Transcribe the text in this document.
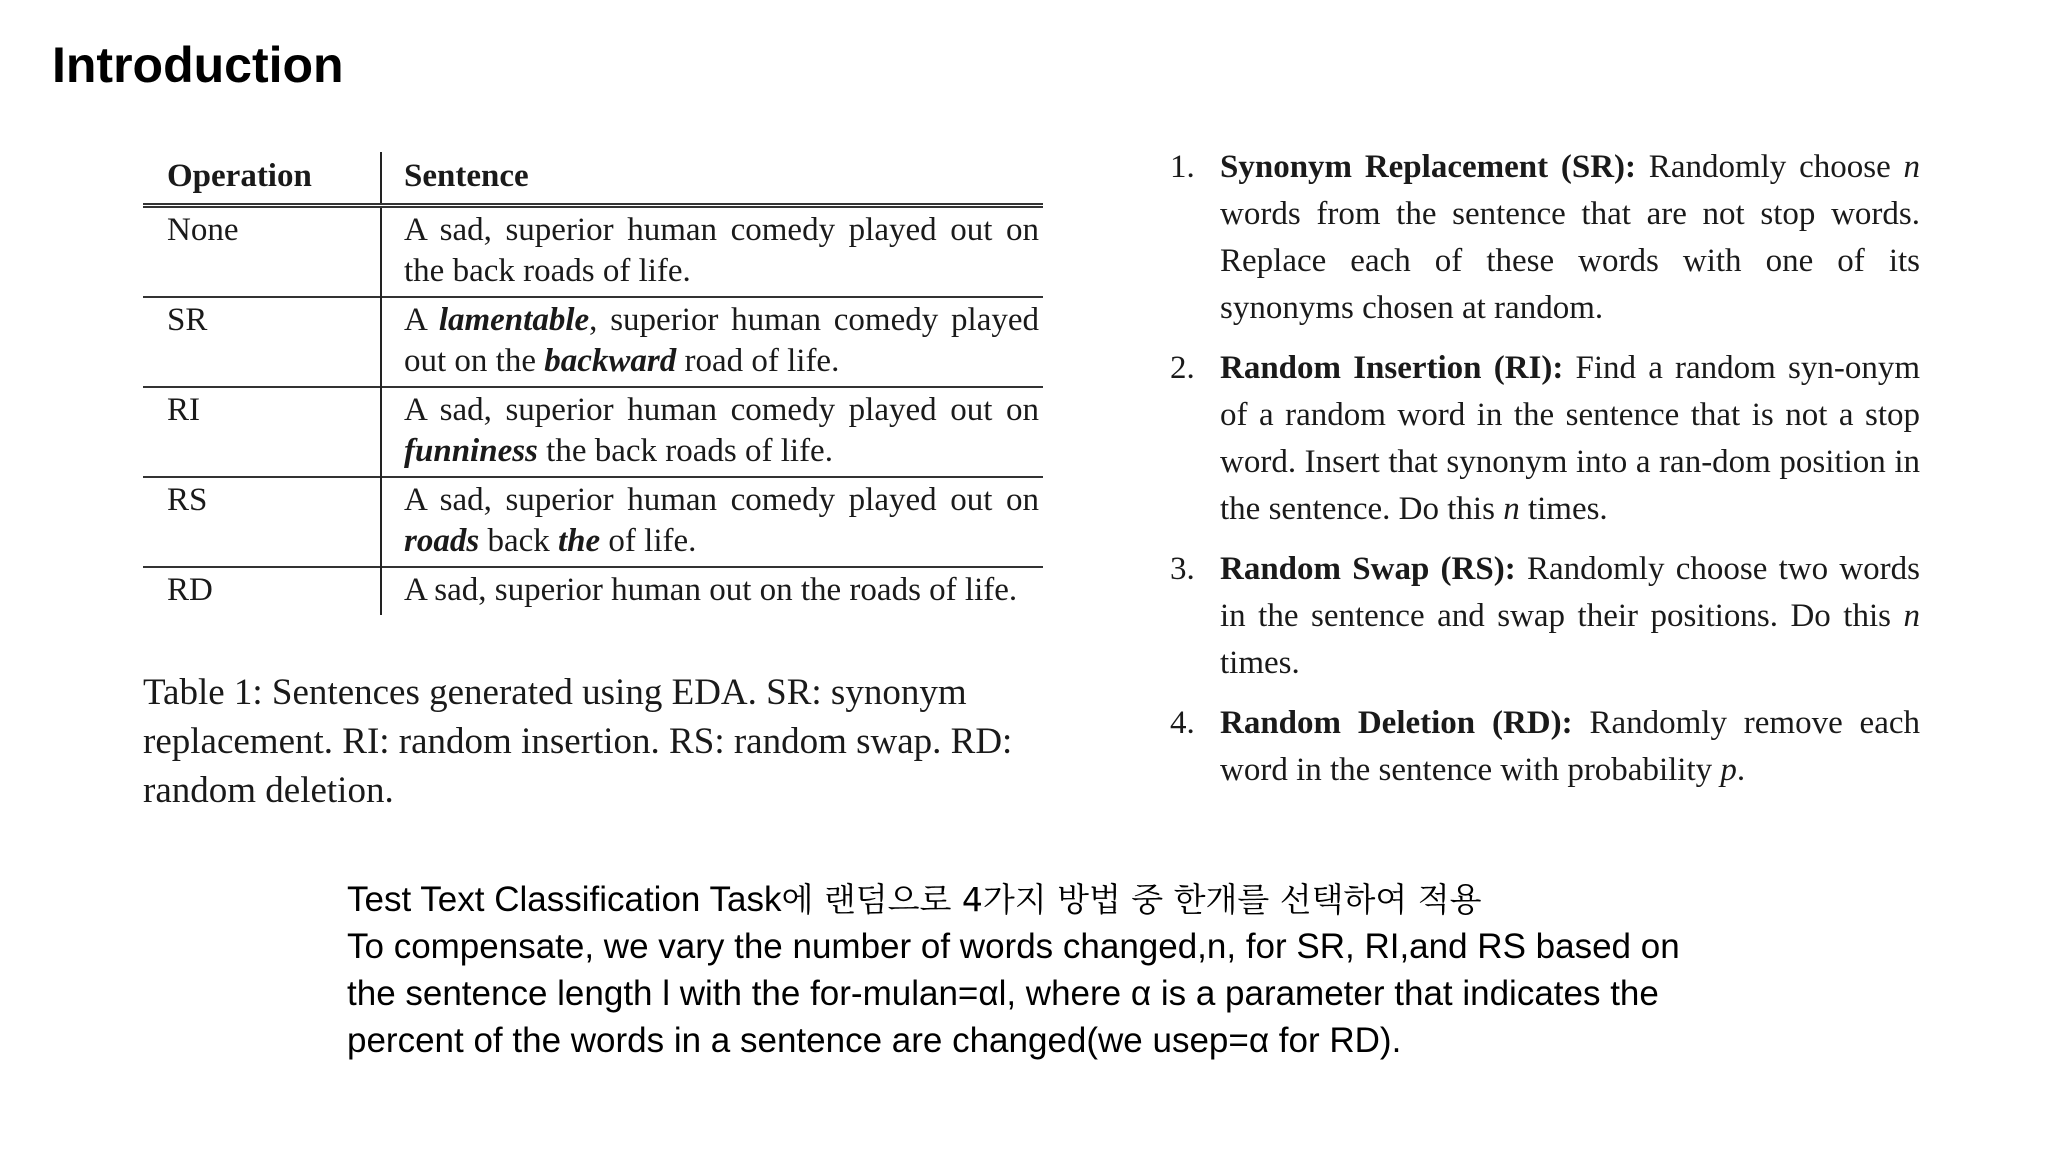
Introduction
Operation	Sentence
None	A sad, superior human comedy played out on the back roads of life.
SR	A lamentable, superior human comedy played out on the backward road of life.
RI	A sad, superior human comedy played out on funniness the back roads of life.
RS	A sad, superior human comedy played out on roads back the of life.
RD	A sad, superior human out on the roads of life.

Table 1: Sentences generated using EDA. SR: synonym replacement. RI: random insertion. RS: random swap. RD: random deletion.

1. Synonym Replacement (SR): Randomly choose n words from the sentence that are not stop words. Replace each of these words with one of its synonyms chosen at random.
2. Random Insertion (RI): Find a random syn-onym of a random word in the sentence that is not a stop word. Insert that synonym into a ran-dom position in the sentence. Do this n times.
3. Random Swap (RS): Randomly choose two words in the sentence and swap their positions. Do this n times.
4. Random Deletion (RD): Randomly remove each word in the sentence with probability p.

Test Text Classification Task에 랜덤으로 4가지 방법 중 한개를 선택하여 적용

To compensate, we vary the number of words changed,n, for SR, RI,and RS based on

the sentence length l with the for-mulan=αl, where α is a parameter that indicates the

percent of the words in a sentence are changed(we usep=α for RD).
